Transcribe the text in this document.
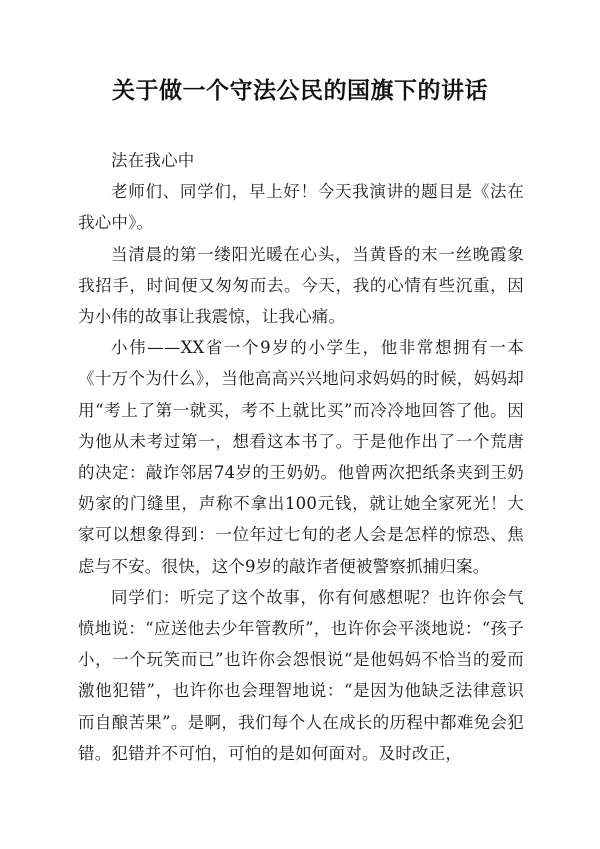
关于做一个守法公民的国旗下的讲话

法在我心中

老师们、同学们，早上好！今天我演讲的题目是《法在我心中》。

当清晨的第一缕阳光暖在心头，当黄昏的末一丝晚霞象我招手，时间便又匆匆而去。今天，我的心情有些沉重，因为小伟的故事让我震惊，让我心痛。

小伟——XX省一个9岁的小学生，他非常想拥有一本《十万个为什么》，当他高高兴兴地问求妈妈的时候，妈妈却用“考上了第一就买，考不上就比买”而冷冷地回答了他。因为他从未考过第一，想看这本书了。于是他作出了一个荒唐的决定：敲诈邻居74岁的王奶奶。他曾两次把纸条夹到王奶奶家的门缝里，声称不拿出100元钱，就让她全家死光！大家可以想象得到：一位年过七旬的老人会是怎样的惊恐、焦虑与不安。很快，这个9岁的敲诈者便被警察抓捕归案。

同学们：听完了这个故事，你有何感想呢？也许你会气愤地说：“应送他去少年管教所”，也许你会平淡地说：“孩子小，一个玩笑而已”也许你会怨恨说“是他妈妈不恰当的爱而激他犯错”，也许你也会理智地说：“是因为他缺乏法律意识而自酿苦果”。是啊，我们每个人在成长的历程中都难免会犯错。犯错并不可怕，可怕的是如何面对。及时改正，
